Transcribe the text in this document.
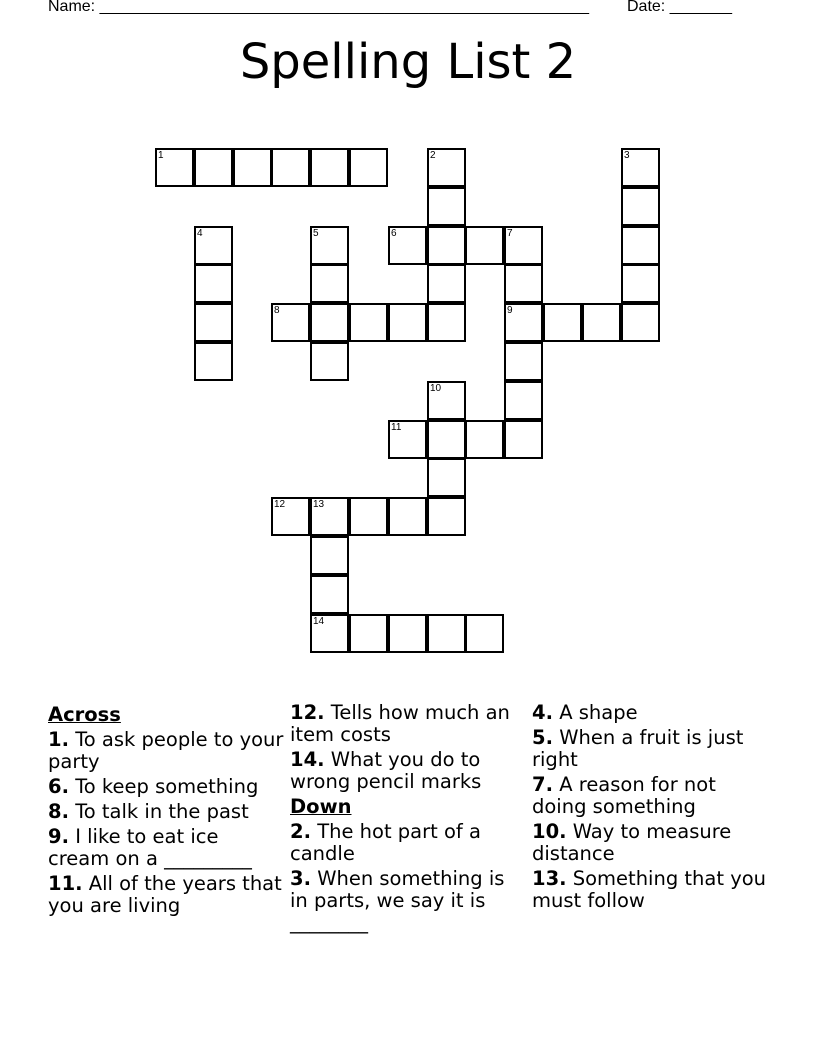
Name: _______________________________________________________ Date: _______
Spelling List 2
1	2	3
4	5	6	7
8	9
10
11
12	13
14
Across
1. To ask people to your party
6. To keep something
8. To talk in the past
9. I like to eat ice cream on a _________
11. All of the years that you are living
12. Tells how much an item costs
14. What you do to wrong pencil marks
Down
2. The hot part of a candle
3. When something is in parts, we say it is ________
4. A shape
5. When a fruit is just right
7. A reason for not doing something
10. Way to measure distance
13. Something that you must follow
